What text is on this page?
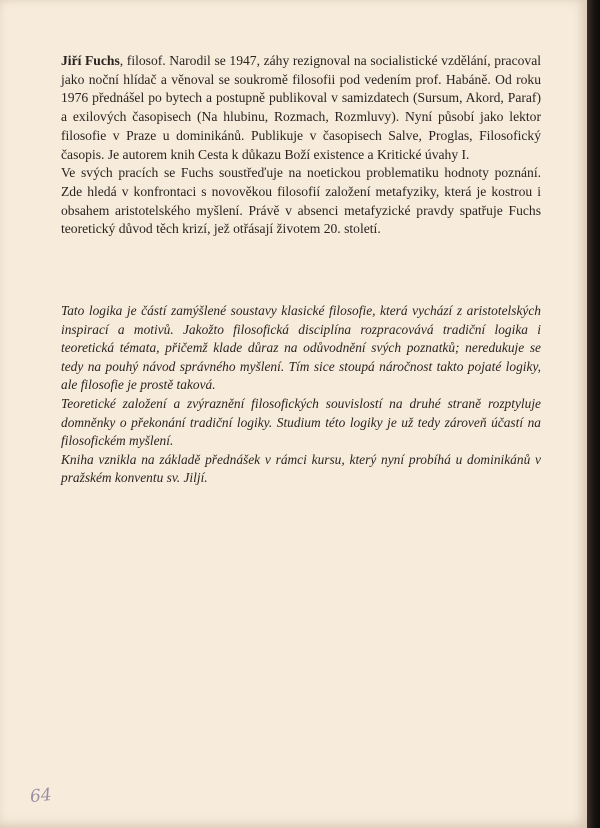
Jiří Fuchs, filosof. Narodil se 1947, záhy rezignoval na socialistické vzdělání, pracoval jako noční hlídač a věnoval se soukromě filosofii pod vedením prof. Habáně. Od roku 1976 přednášel po bytech a postupně publikoval v samizdatech (Sursum, Akord, Paraf) a exilových časopisech (Na hlubinu, Rozmach, Rozmluvy). Nyní působí jako lektor filosofie v Praze u dominikánů. Publikuje v časopisech Salve, Proglas, Filosofický časopis. Je autorem knih Cesta k důkazu Boží existence a Kritické úvahy I.

Ve svých pracích se Fuchs soustřeďuje na noetickou problematiku hodnoty poznání. Zde hledá v konfrontaci s novověkou filosofií založení metafyziky, která je kostrou i obsahem aristotelského myšlení. Právě v absenci metafyzické pravdy spatřuje Fuchs teoretický důvod těch krizí, jež otřásají životem 20. století.

Tato logika je částí zamýšlené soustavy klasické filosofie, která vychází z aristotelských inspirací a motivů. Jakožto filosofická disciplína rozpracovává tradiční logika i teoretická témata, přičemž klade důraz na odůvodnění svých poznatků; neredukuje se tedy na pouhý návod správného myšlení. Tím sice stoupá náročnost takto pojaté logiky, ale filosofie je prostě taková.

Teoretické založení a zvýraznění filosofických souvislostí na druhé straně rozptyluje domněnky o překonání tradiční logiky. Studium této logiky je už tedy zároveň účastí na filosofickém myšlení.

Kniha vznikla na základě přednášek v rámci kursu, který nyní probíhá u dominikánů v pražském konventu sv. Jiljí.

64
